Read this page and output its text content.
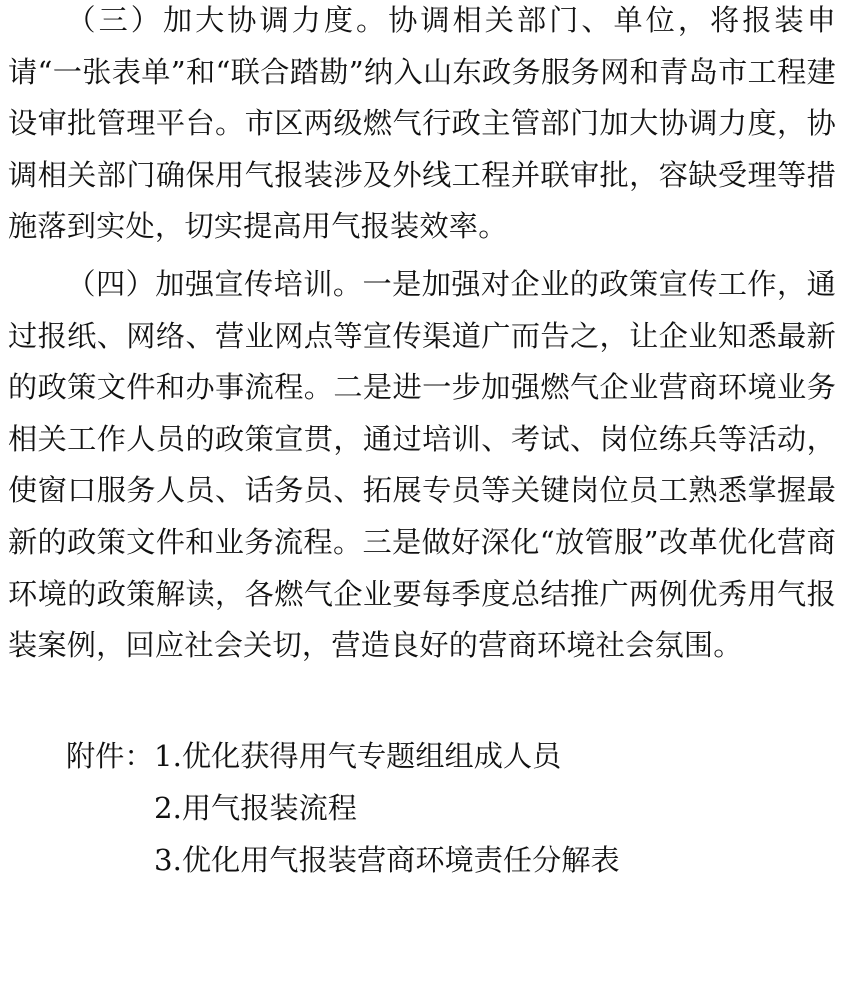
（三）加大协调力度。协调相关部门、单位，将报装申请“一张表单”和“联合踏勘”纳入山东政务服务网和青岛市工程建设审批管理平台。市区两级燃气行政主管部门加大协调力度，协调相关部门确保用气报装涉及外线工程并联审批，容缺受理等措施落到实处，切实提高用气报装效率。

（四）加强宣传培训。一是加强对企业的政策宣传工作，通过报纸、网络、营业网点等宣传渠道广而告之，让企业知悉最新的政策文件和办事流程。二是进一步加强燃气企业营商环境业务相关工作人员的政策宣贯，通过培训、考试、岗位练兵等活动，使窗口服务人员、话务员、拓展专员等关键岗位员工熟悉掌握最新的政策文件和业务流程。三是做好深化“放管服”改革优化营商环境的政策解读，各燃气企业要每季度总结推广两例优秀用气报装案例，回应社会关切，营造良好的营商环境社会氛围。

附件： 1.优化获得用气专题组组成人员
2.用气报装流程
3.优化用气报装营商环境责任分解表
